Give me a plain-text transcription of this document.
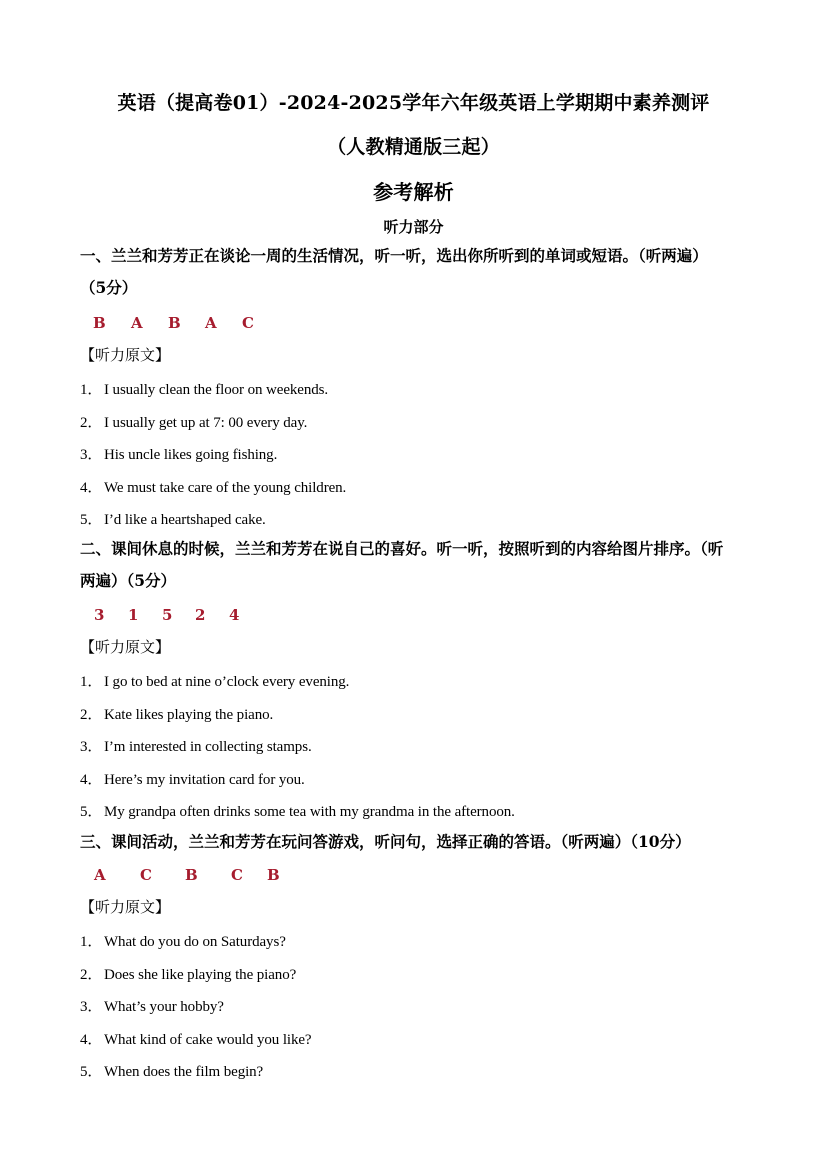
英语（提高卷01）-2024-2025学年六年级英语上学期期中素养测评
（人教精通版三起）
参考解析
听力部分
一、兰兰和芳芳正在谈论一周的生活情况，听一听，选出你所听到的单词或短语。（听两遍）
（5分）
B A B A C
【听力原文】
1． I usually clean the floor on weekends.
2． I usually get up at 7: 00 every day.
3． His uncle likes going fishing.
4． We must take care of the young children.
5． I’d like a heartshaped cake.
二、课间休息的时候，兰兰和芳芳在说自己的喜好。听一听，按照听到的内容给图片排序。（听
两遍）（5分）
3 1 5 2 4
【听力原文】
1． I go to bed at nine o’clock every evening.
2． Kate likes playing the piano.
3． I’m interested in collecting stamps.
4． Here’s my invitation card for you.
5． My grandpa often drinks some tea with my grandma in the afternoon.
三、课间活动，兰兰和芳芳在玩问答游戏，听问句，选择正确的答语。（听两遍）（10分）
A C B C B
【听力原文】
1． What do you do on Saturdays?
2． Does she like playing the piano?
3． What’s your hobby?
4． What kind of cake would you like?
5． When does the film begin?
